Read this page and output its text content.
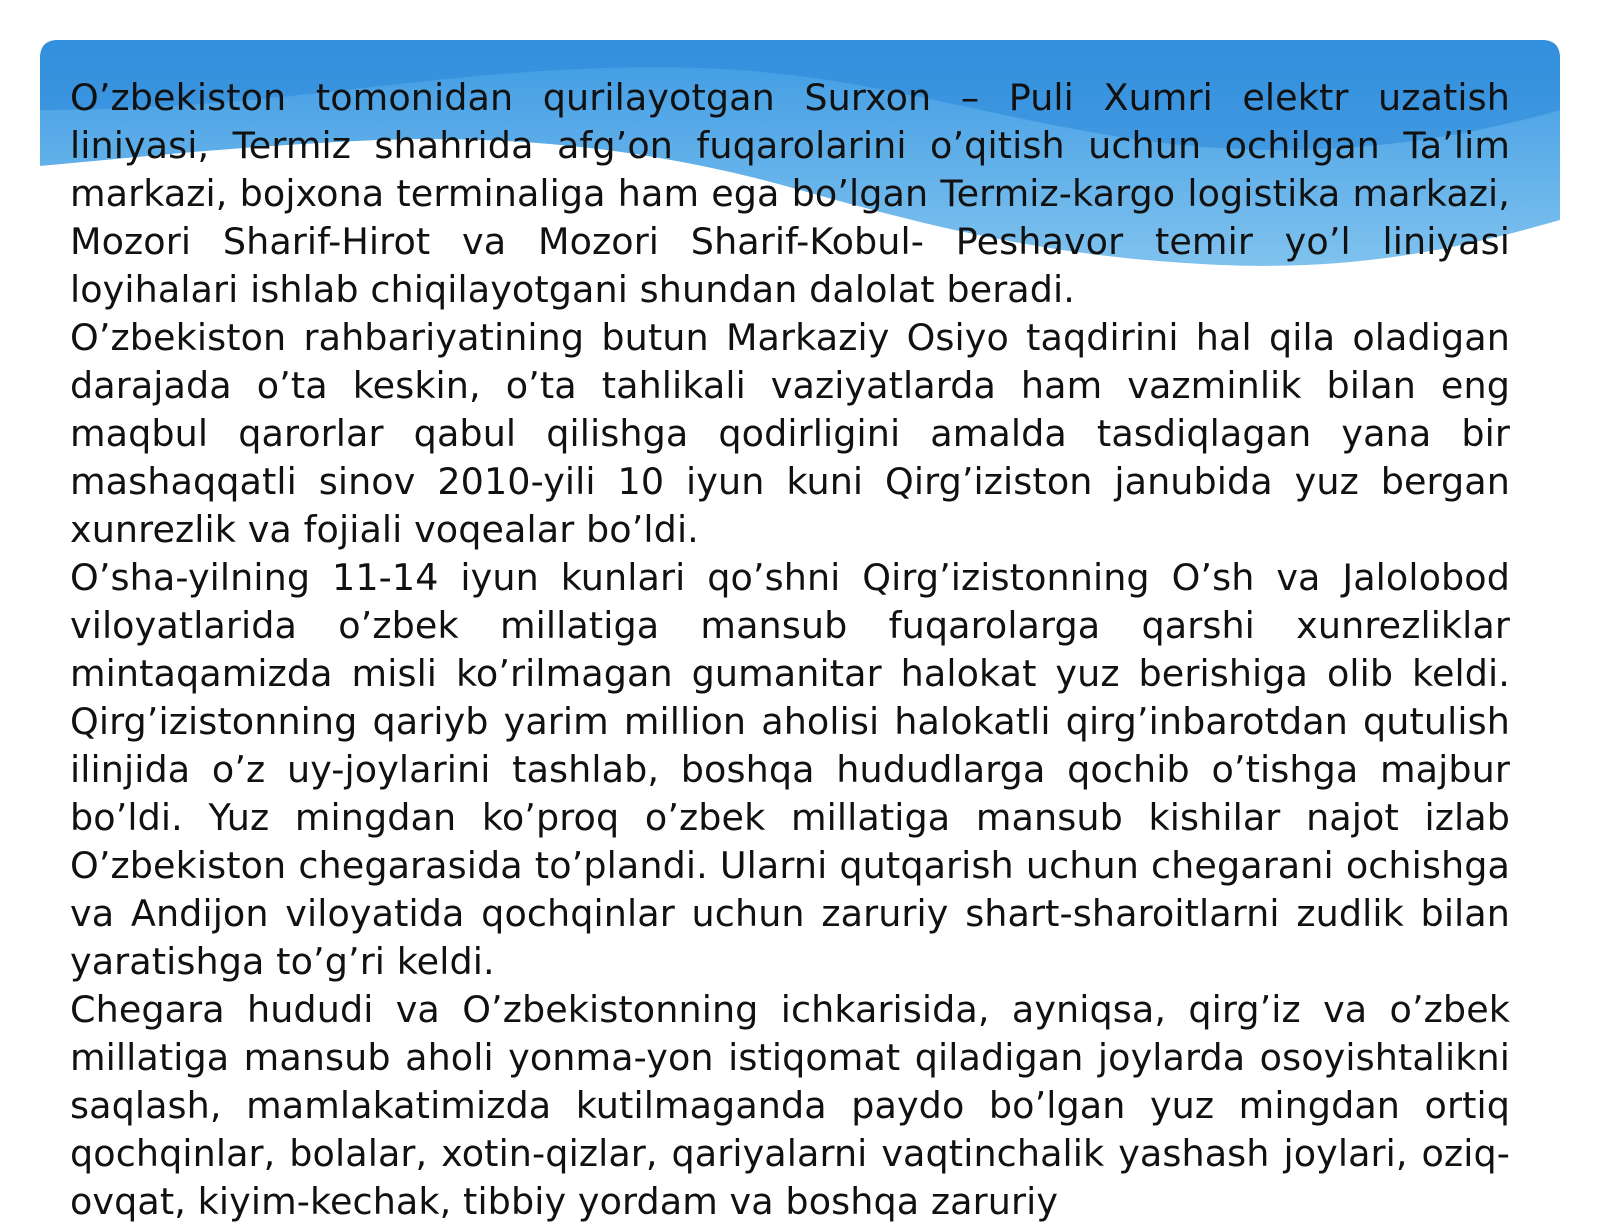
O’zbekiston tomonidan qurilayotgan Surxon – Puli Xumri elektr uzatish liniyasi, Termiz shahrida afg’on fuqarolarini o’qitish uchun ochilgan Ta’lim markazi, bojxona terminaliga ham ega bo’lgan Termiz-kargo logistika markazi, Mozori Sharif-Hirot va Mozori Sharif-Kobul- Peshavor temir yo’l liniyasi loyihalari ishlab chiqilayotgani shundan dalolat beradi.

O’zbekiston rahbariyatining butun Markaziy Osiyo taqdirini hal qila oladigan darajada o’ta keskin, o’ta tahlikali vaziyatlarda ham vazminlik bilan eng maqbul qarorlar qabul qilishga qodirligini amalda tasdiqlagan yana bir mashaqqatli sinov 2010-yili 10 iyun kuni Qirg’iziston janubida yuz bergan xunrezlik va fojiali voqealar bo’ldi.

O’sha-yilning 11-14 iyun kunlari qo’shni Qirg’izistonning O’sh va Jalolobod viloyatlarida o’zbek millatiga mansub fuqarolarga qarshi xunrezliklar mintaqamizda misli ko’rilmagan gumanitar halokat yuz berishiga olib keldi. Qirg’izistonning qariyb yarim million aholisi halokatli qirg’inbarotdan qutulish ilinjida o’z uy-joylarini tashlab, boshqa hududlarga qochib o’tishga majbur bo’ldi. Yuz mingdan ko’proq o’zbek millatiga mansub kishilar najot izlab O’zbekiston chegarasida to’plandi. Ularni qutqarish uchun chegarani ochishga va Andijon viloyatida qochqinlar uchun zaruriy shart-sharoitlarni zudlik bilan yaratishga to’g’ri keldi.

Chegara hududi va O’zbekistonning ichkarisida, ayniqsa, qirg’iz va o’zbek millatiga mansub aholi yonma-yon istiqomat qiladigan joylarda osoyishtalikni saqlash, mamlakatimizda kutilmaganda paydo bo’lgan yuz mingdan ortiq qochqinlar, bolalar, xotin-qizlar, qariyalarni vaqtinchalik yashash joylari, oziq-ovqat, kiyim-kechak, tibbiy yordam va boshqa zaruriy
